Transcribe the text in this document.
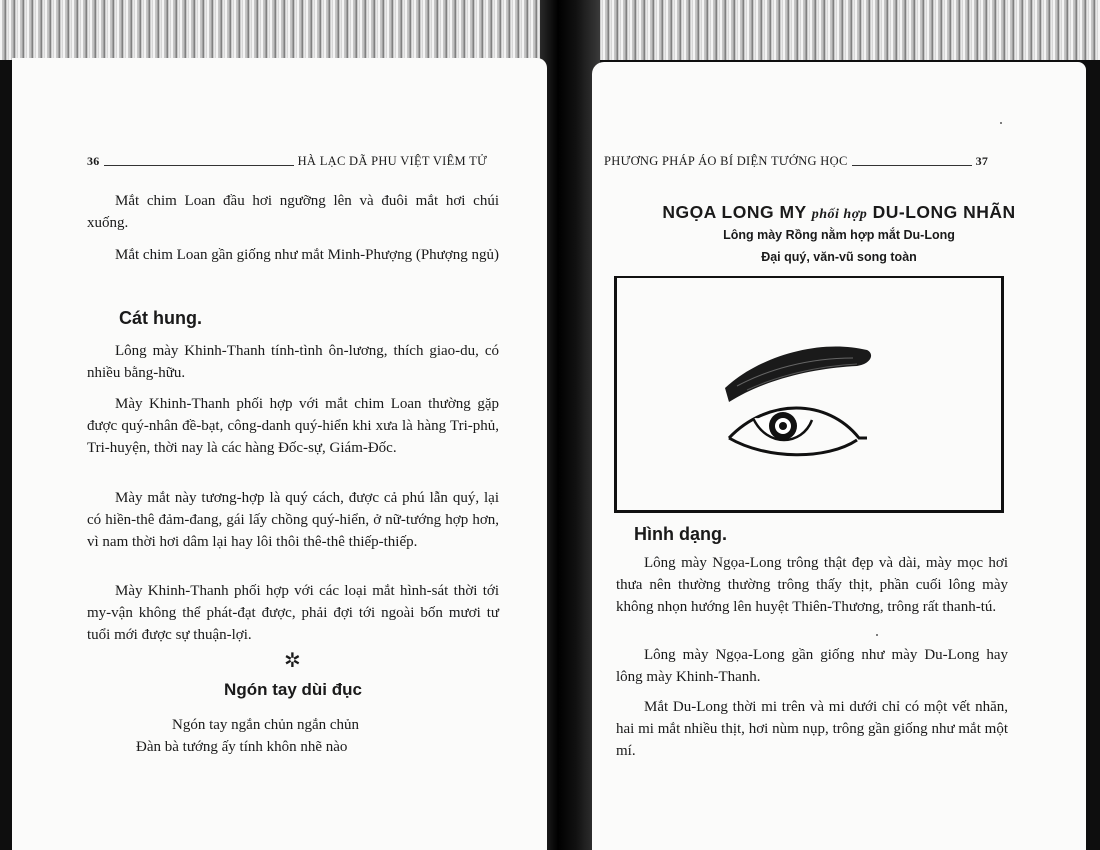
36	HÀ LẠC DÃ PHU VIỆT VIÊM TỬ

Mắt chim Loan đầu hơi ngưỡng lên và đuôi mắt hơi chúi xuống.

Mắt chim Loan gần giống như mắt Minh-Phượng (Phượng ngủ)

Cát hung.

Lông mày Khinh-Thanh tính-tình ôn-lương, thích giao-du, có nhiều bằng-hữu.

Mày Khinh-Thanh phối hợp với mắt chim Loan thường gặp được quý-nhân đề-bạt, công-danh quý-hiển khi xưa là hàng Tri-phủ, Tri-huyện, thời nay là các hàng Đốc-sự, Giám-Đốc.

Mày mắt này tương-hợp là quý cách, được cả phú lẫn quý, lại có hiền-thê đảm-đang, gái lấy chồng quý-hiển, ở nữ-tướng hợp hơn, vì nam thời hơi dâm lại hay lôi thôi thê-thê thiếp-thiếp.

Mày Khinh-Thanh phối hợp với các loại mắt hình-sát thời tới my-vận không thể phát-đạt được, phải đợi tới ngoài bốn mươi tư tuổi mới được sự thuận-lợi.

✲
Ngón tay dùi đục
Ngón tay ngắn chủn ngắn chủn
Đàn bà tướng ấy tính khôn nhẽ nào
PHƯƠNG PHÁP ÁO BÍ DIỆN TƯỚNG HỌC	37
NGỌA LONG MY phối hợp DU-LONG NHÃN
Lông mày Rồng nằm hợp mắt Du-Long
Đại quý, văn-vũ song toàn
Hình dạng.

Lông mày Ngọa-Long trông thật đẹp và dài, mày mọc hơi thưa nên thường thường trông thấy thịt, phần cuối lông mày không nhọn hướng lên huyệt Thiên-Thương, trông rất thanh-tú.

Lông mày Ngọa-Long gần giống như mày Du-Long hay lông mày Khinh-Thanh.

Mắt Du-Long thời mi trên và mi dưới chỉ có một vết nhăn, hai mi mắt nhiều thịt, hơi nùm nụp, trông gần giống như mắt một mí.
